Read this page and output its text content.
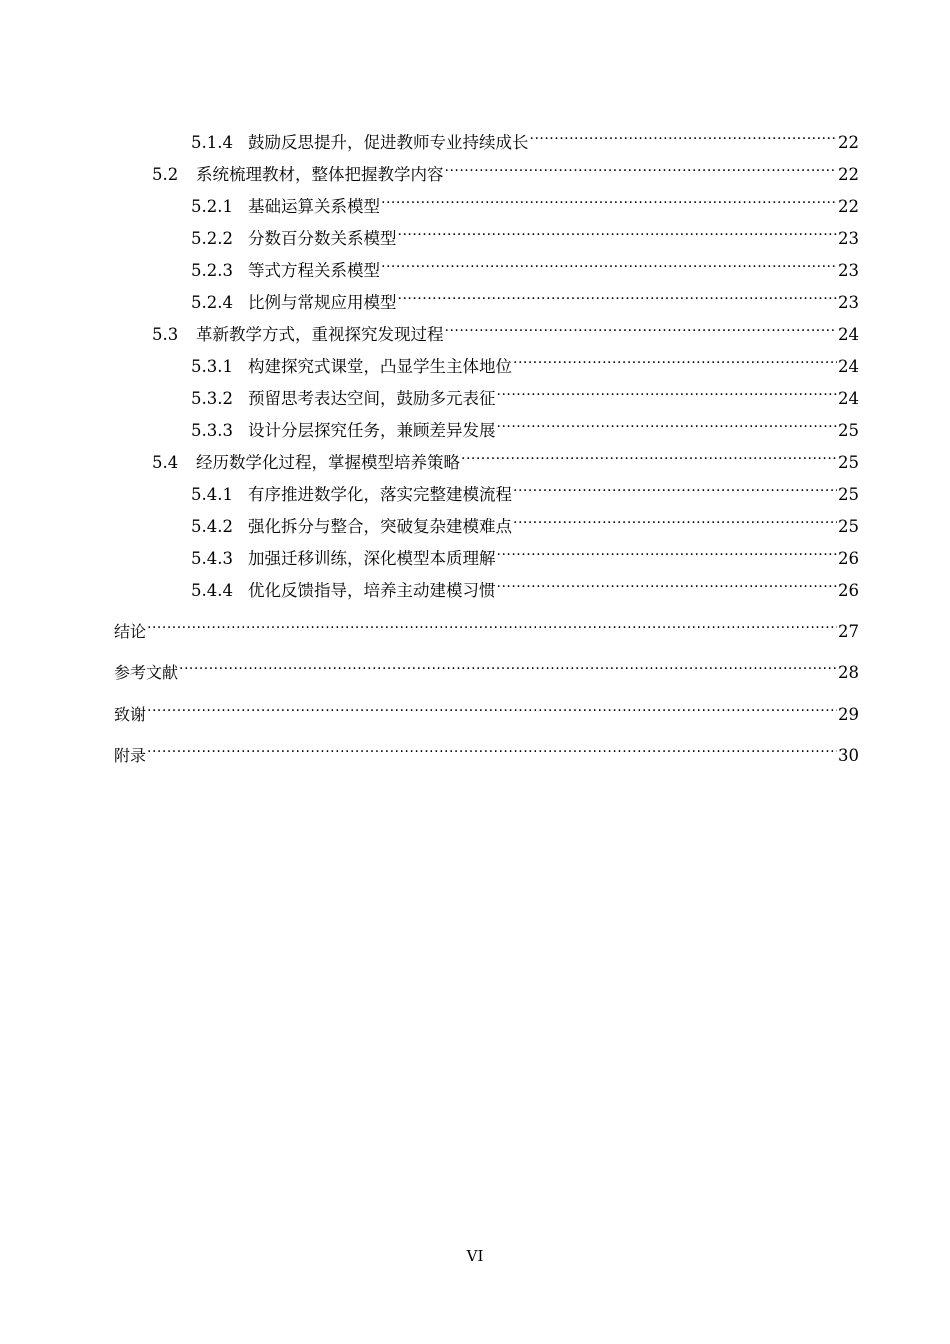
5.1.4 鼓励反思提升，促进教师专业持续成长 .....	22
5.2	系统梳理教材，整体把握教学内容 .....	22
5.2.1 基础运算关系模型 .....	22
5.2.2 分数百分数关系模型 .....	23
5.2.3 等式方程关系模型 .....	23
5.2.4 比例与常规应用模型 .....	23
5.3	革新教学方式，重视探究发现过程 .....	24
5.3.1 构建探究式课堂，凸显学生主体地位 .....	24
5.3.2 预留思考表达空间，鼓励多元表征 .....	24
5.3.3 设计分层探究任务，兼顾差异发展 .....	25
5.4	经历数学化过程，掌握模型培养策略 .....	25
5.4.1 有序推进数学化，落实完整建模流程 .....	25
5.4.2 强化拆分与整合，突破复杂建模难点 .....	25
5.4.3 加强迁移训练，深化模型本质理解 .....	26
5.4.4 优化反馈指导，培养主动建模习惯 .....	26
结论 .....	27
参考文献 .....	28
致谢 .....	29
附录 .....	30
VI
